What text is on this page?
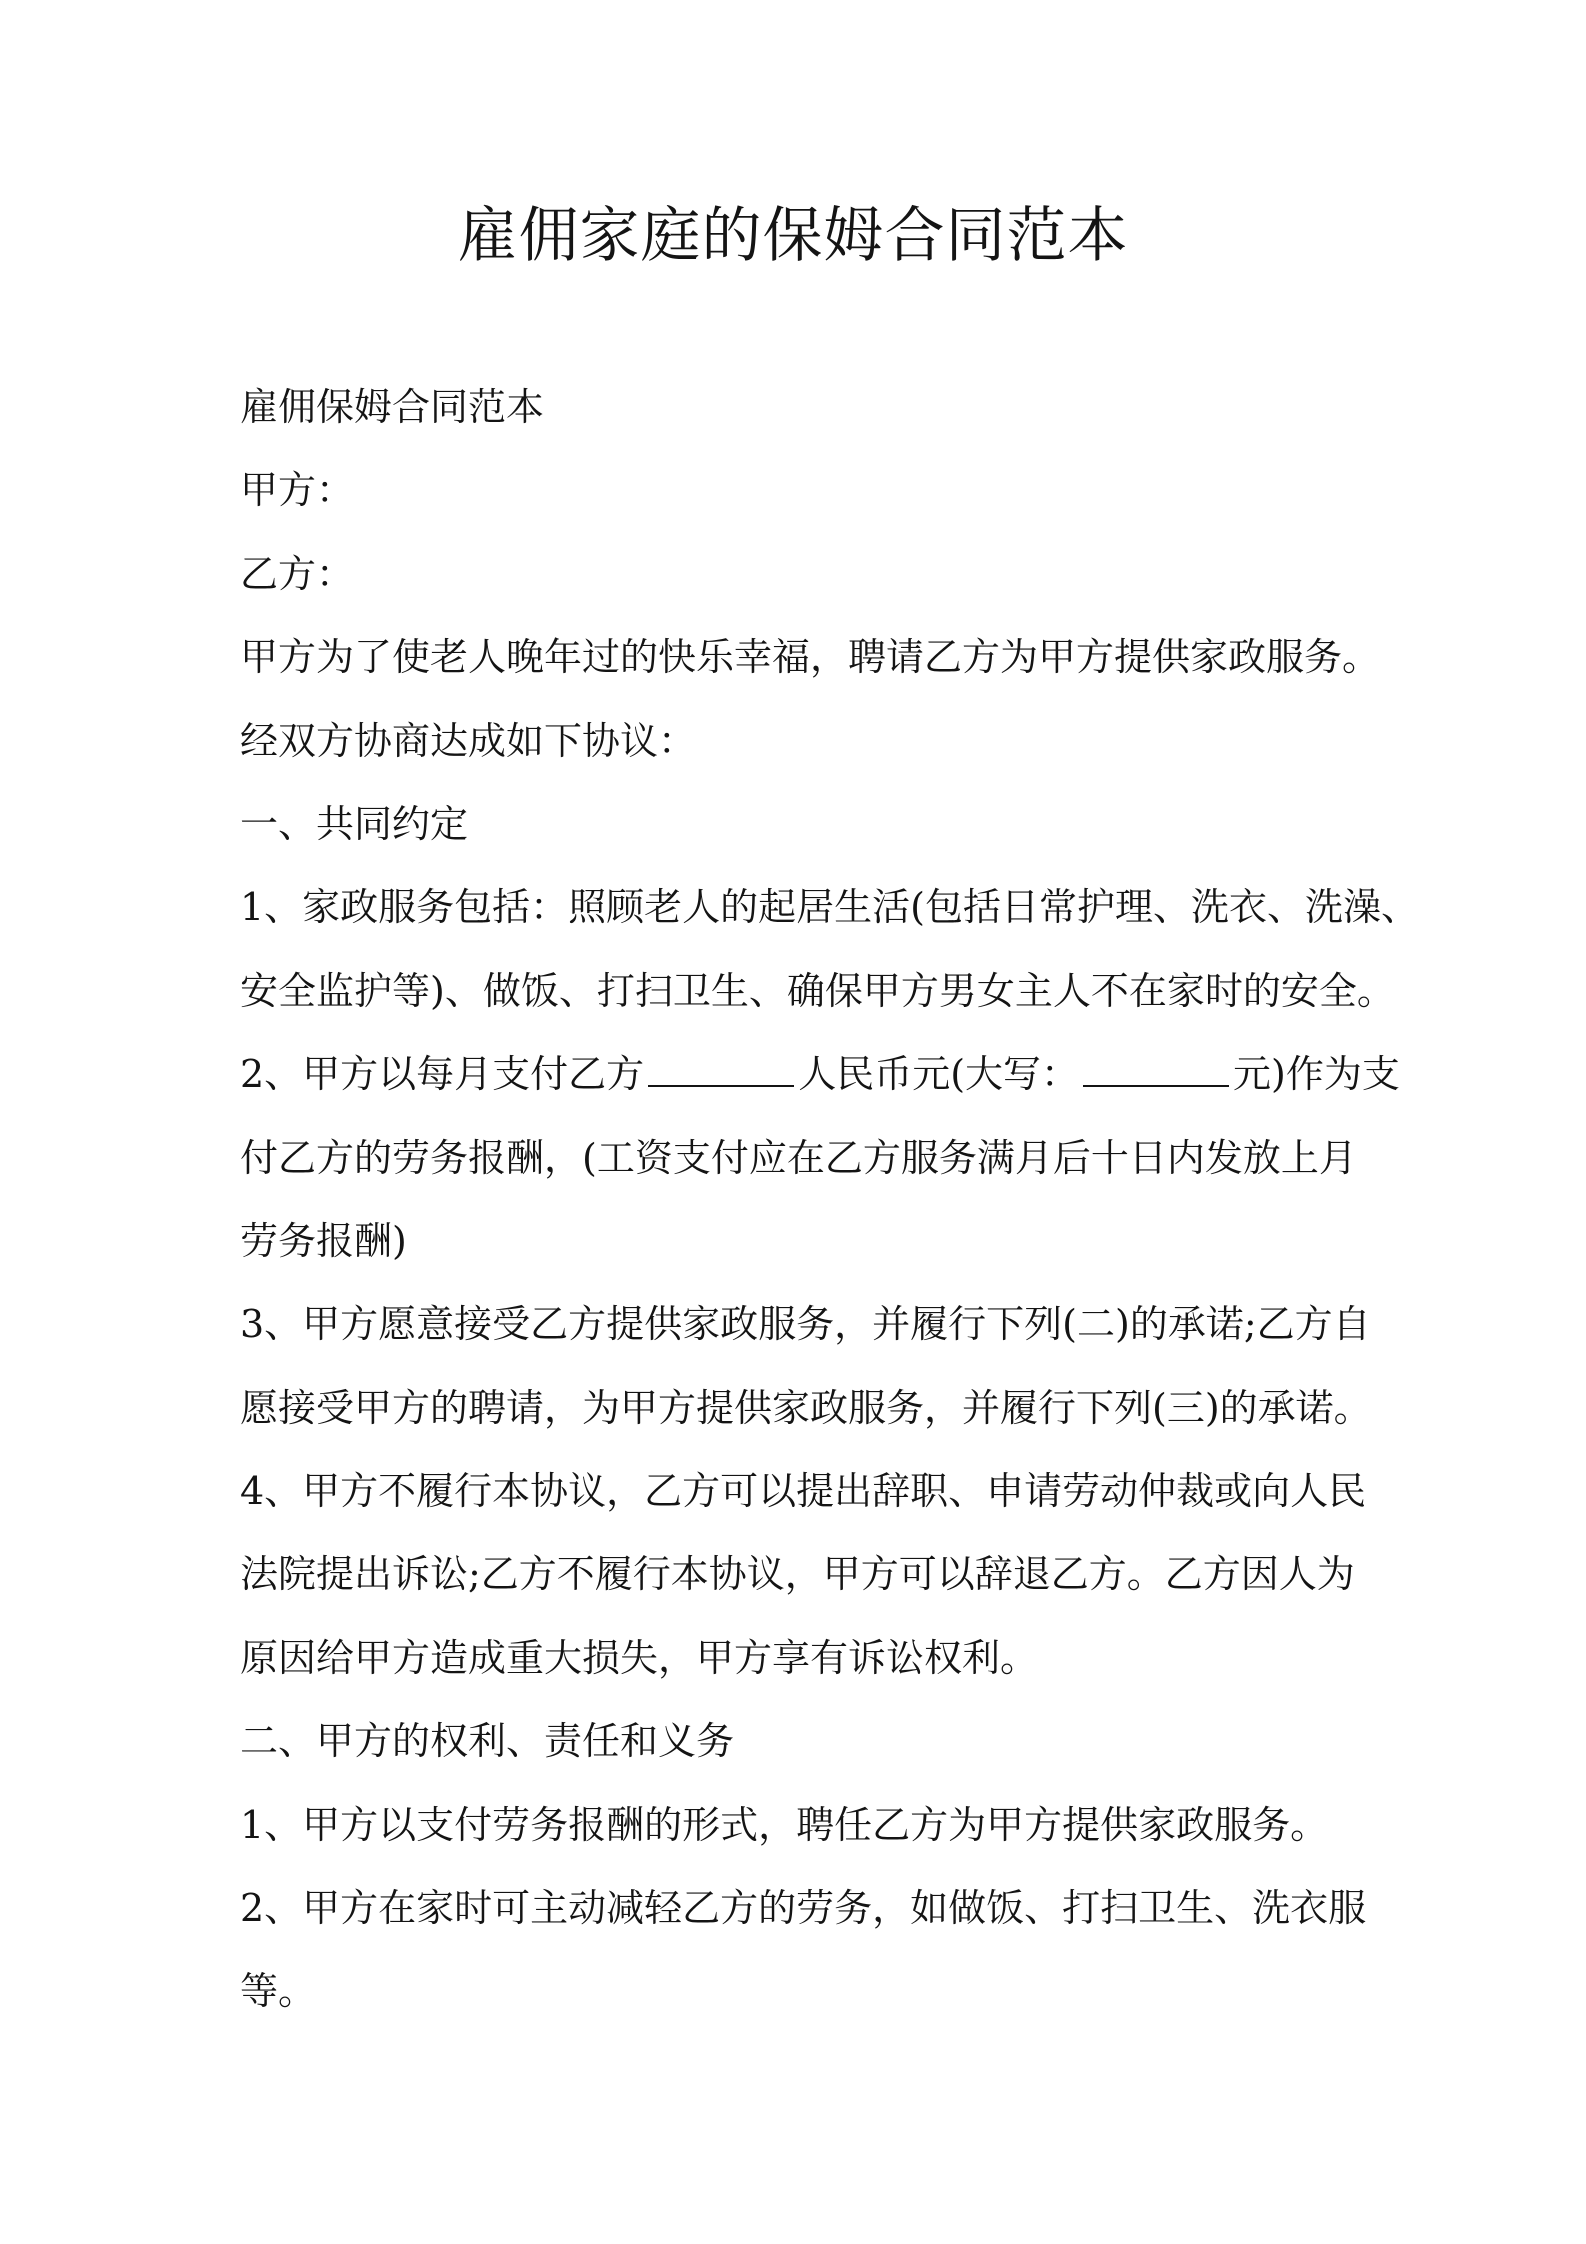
雇佣家庭的保姆合同范本

雇佣保姆合同范本

甲方：

乙方：

甲方为了使老人晚年过的快乐幸福，聘请乙方为甲方提供家政服务。

经双方协商达成如下协议：

一、共同约定

1、家政服务包括：照顾老人的起居生活(包括日常护理、洗衣、洗澡、

安全监护等)、做饭、打扫卫生、确保甲方男女主人不在家时的安全。

2、甲方以每月支付乙方	人民币元(大写：	元)作为支

付乙方的劳务报酬，(工资支付应在乙方服务满月后十日内发放上月

劳务报酬)

3、甲方愿意接受乙方提供家政服务，并履行下列(二)的承诺;乙方自

愿接受甲方的聘请，为甲方提供家政服务，并履行下列(三)的承诺。

4、甲方不履行本协议，乙方可以提出辞职、申请劳动仲裁或向人民

法院提出诉讼;乙方不履行本协议，甲方可以辞退乙方。乙方因人为

原因给甲方造成重大损失，甲方享有诉讼权利。

二、甲方的权利、责任和义务

1、甲方以支付劳务报酬的形式，聘任乙方为甲方提供家政服务。

2、甲方在家时可主动减轻乙方的劳务，如做饭、打扫卫生、洗衣服

等。
